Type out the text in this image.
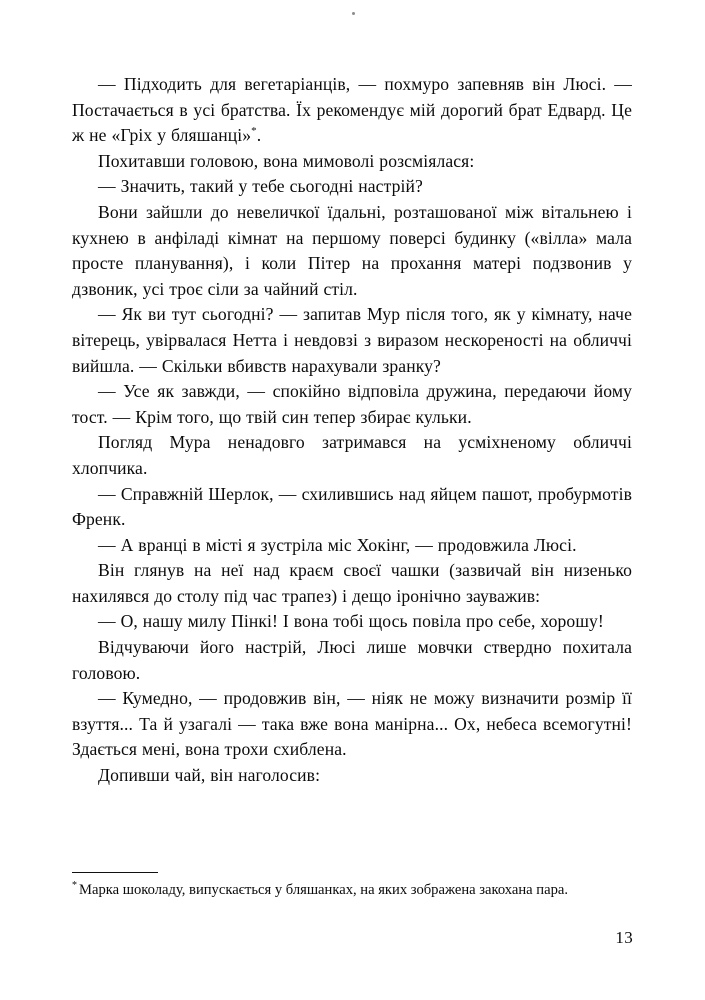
— Підходить для вегетаріанців, — похмуро запевняв він Люсі. — Постачається в усі братства. Їх рекомендує мій дорогий брат Едвард. Це ж не «Гріх у бляшанці»*.

Похитавши головою, вона мимоволі розсміялася:

— Значить, такий у тебе сьогодні настрій?

Вони зайшли до невеличкої їдальні, розташованої між вітальнею і кухнею в анфіладі кімнат на першому поверсі будинку («вілла» мала просте планування), і коли Пітер на прохання матері подзвонив у дзвоник, усі троє сіли за чайний стіл.

— Як ви тут сьогодні? — запитав Мур після того, як у кімнату, наче вітерець, увірвалася Нетта і невдовзі з виразом нескореності на обличчі вийшла. — Скільки вбивств нарахували зранку?

— Усе як завжди, — спокійно відповіла дружина, передаючи йому тост. — Крім того, що твій син тепер збирає кульки.

Погляд Мура ненадовго затримався на усміхненому обличчі хлопчика.

— Справжній Шерлок, — схилившись над яйцем пашот, пробурмотів Френк.

— А вранці в місті я зустріла міс Хокінг, — продовжила Люсі.

Він глянув на неї над краєм своєї чашки (зазвичай він низенько нахилявся до столу під час трапез) і дещо іронічно зауважив:

— О, нашу милу Пінкі! І вона тобі щось повіла про себе, хорошу!

Відчуваючи його настрій, Люсі лише мовчки ствердно похитала головою.

— Кумедно, — продовжив він, — ніяк не можу визначити розмір її взуття... Та й узагалі — така вже вона манірна... Ох, небеса всемогутні! Здається мені, вона трохи схиблена.

Допивши чай, він наголосив:

* Марка шоколаду, випускається у бляшанках, на яких зображена закохана пара.
13
